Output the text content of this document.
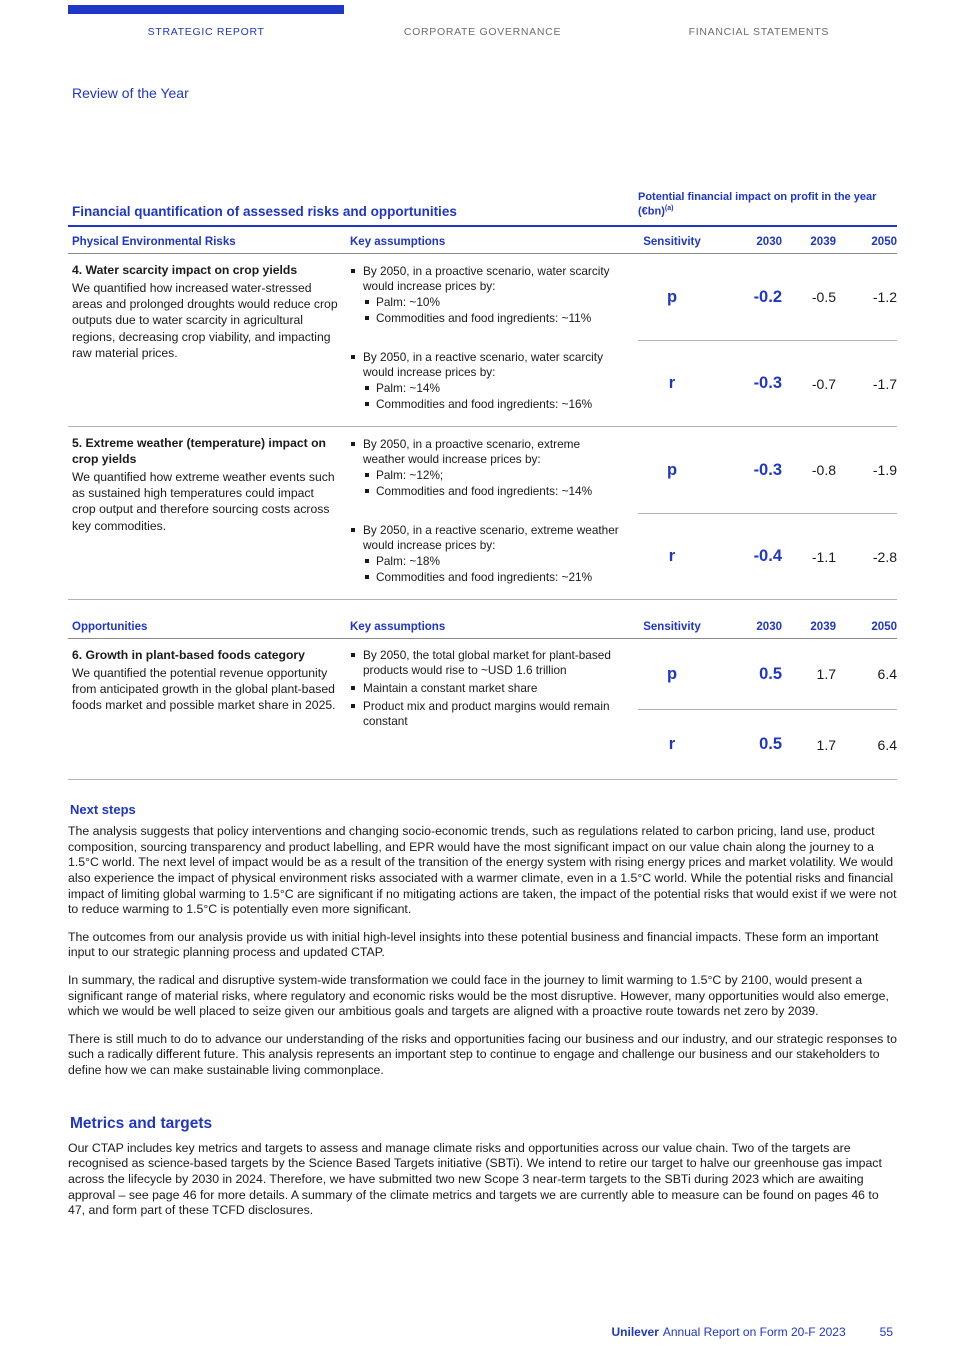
STRATEGIC REPORT	CORPORATE GOVERNANCE	FINANCIAL STATEMENTS
Review of the Year
Financial quantification of assessed risks and opportunities
Potential financial impact on profit in the year (€bn)$^{(a)}$
Physical Environmental Risks	Key assumptions	Sensitivity	2030	2039	2050

4. Water scarcity impact on crop yields

We quantified how increased water-stressed areas and prolonged droughts would reduce crop outputs due to water scarcity in agricultural regions, decreasing crop viability, and impacting raw material prices.

By 2050, in a proactive scenario, water scarcity would increase prices by:
Palm: ~10%
Commodities and food ingredients: ~11%
p	-0.2	-0.5	-1.2
By 2050, in a reactive scenario, water scarcity would increase prices by:
Palm: ~14%
Commodities and food ingredients: ~16%
r	-0.3	-0.7	-1.7

5. Extreme weather (temperature) impact on crop yields

We quantified how extreme weather events such as sustained high temperatures could impact crop output and therefore sourcing costs across key commodities.

By 2050, in a proactive scenario, extreme weather would increase prices by:
Palm: ~12%;
Commodities and food ingredients: ~14%
p	-0.3	-0.8	-1.9
By 2050, in a reactive scenario, extreme weather would increase prices by:
Palm: ~18%
Commodities and food ingredients: ~21%
r	-0.4	-1.1	-2.8
Opportunities	Key assumptions	Sensitivity	2030	2039	2050

6. Growth in plant-based foods category

We quantified the potential revenue opportunity from anticipated growth in the global plant-based foods market and possible market share in 2025.

By 2050, the total global market for plant-based products would rise to ~USD 1.6 trillion
Maintain a constant market share
Product mix and product margins would remain constant
p	0.5	1.7	6.4
r	0.5	1.7	6.4
Next steps

The analysis suggests that policy interventions and changing socio-economic trends, such as regulations related to carbon pricing, land use, product composition, sourcing transparency and product labelling, and EPR would have the most significant impact on our value chain along the journey to a 1.5°C world. The next level of impact would be as a result of the transition of the energy system with rising energy prices and market volatility. We would also experience the impact of physical environment risks associated with a warmer climate, even in a 1.5°C world. While the potential risks and financial impact of limiting global warming to 1.5°C are significant if no mitigating actions are taken, the impact of the potential risks that would exist if we were not to reduce warming to 1.5°C is potentially even more significant.

The outcomes from our analysis provide us with initial high-level insights into these potential business and financial impacts. These form an important input to our strategic planning process and updated CTAP.

In summary, the radical and disruptive system-wide transformation we could face in the journey to limit warming to 1.5°C by 2100, would present a significant range of material risks, where regulatory and economic risks would be the most disruptive. However, many opportunities would also emerge, which we would be well placed to seize given our ambitious goals and targets are aligned with a proactive route towards net zero by 2039.

There is still much to do to advance our understanding of the risks and opportunities facing our business and our industry, and our strategic responses to such a radically different future. This analysis represents an important step to continue to engage and challenge our business and our stakeholders to define how we can make sustainable living commonplace.

Metrics and targets

Our CTAP includes key metrics and targets to assess and manage climate risks and opportunities across our value chain. Two of the targets are recognised as science-based targets by the Science Based Targets initiative (SBTi). We intend to retire our target to halve our greenhouse gas impact across the lifecycle by 2030 in 2024. Therefore, we have submitted two new Scope 3 near-term targets to the SBTi during 2023 which are awaiting approval – see page 46 for more details. A summary of the climate metrics and targets we are currently able to measure can be found on pages 46 to 47, and form part of these TCFD disclosures.

Unilever Annual Report on Form 20-F 2023	55
